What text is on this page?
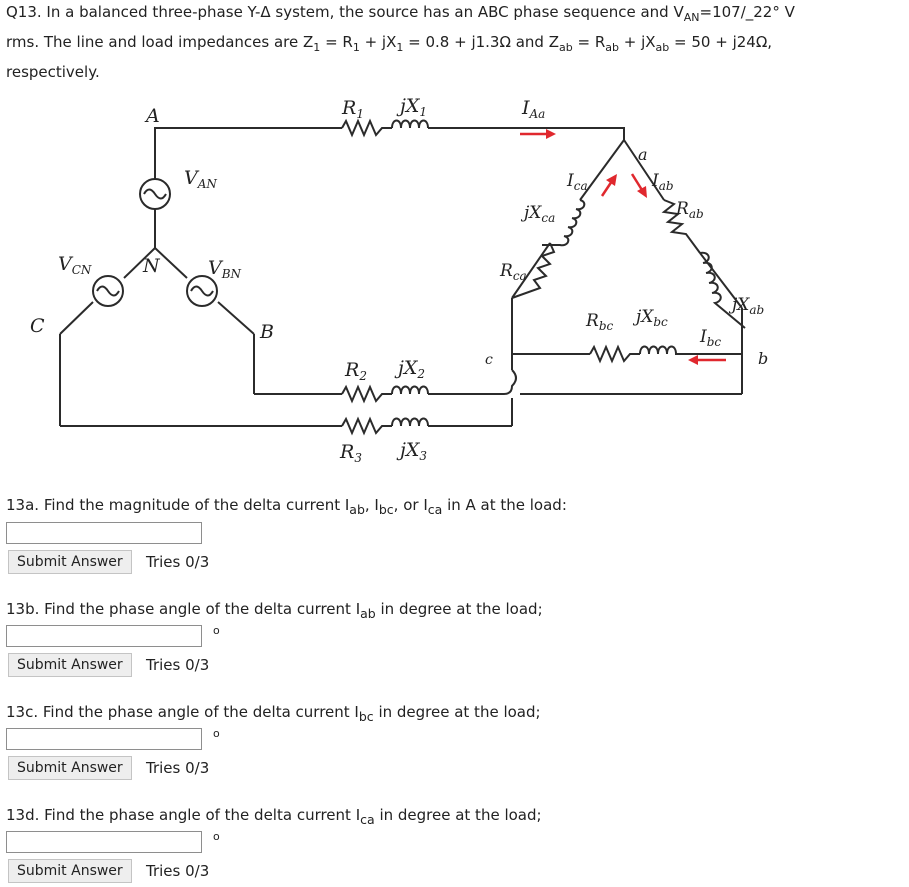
Q13. In a balanced three-phase Y-Δ system, the source has an ABC phase sequence and $V_{AN}=107/\_22^\circ$ V
rms. The line and load impedances are $Z_1 = R_1 + jX_1 = 0.8 + j1.3\Omega$ and $Z_{ab} = R_{ab} + jX_{ab} = 50 + j24\Omega$,
respectively.
A
N
C	B
a
b
c
$R_1$ $jX_1$
$R_2$ $jX_2$
$R_3$ $jX_3$
$V_{AN}$
$V_{BN}$
$V_{CN}$
$I_{Aa}$
$I_{ca}$	$I_{ab}$
$I_{bc}$
$jX_{ca}$
$R_{ca}$
$R_{ab}$
$R_{bc}$ $jX_{bc}$
$jX_{ab}$
13a. Find the magnitude of the delta current $I_{ab}$, $I_{bc}$, or $I_{ca}$ in A at the load:
Submit Answer	Tries 0/3
13b. Find the phase angle of the delta current $I_{ab}$ in degree at the load;
o
Submit Answer	Tries 0/3
13c. Find the phase angle of the delta current $I_{bc}$ in degree at the load;
o
Submit Answer	Tries 0/3
13d. Find the phase angle of the delta current $I_{ca}$ in degree at the load;
o
Submit Answer	Tries 0/3
